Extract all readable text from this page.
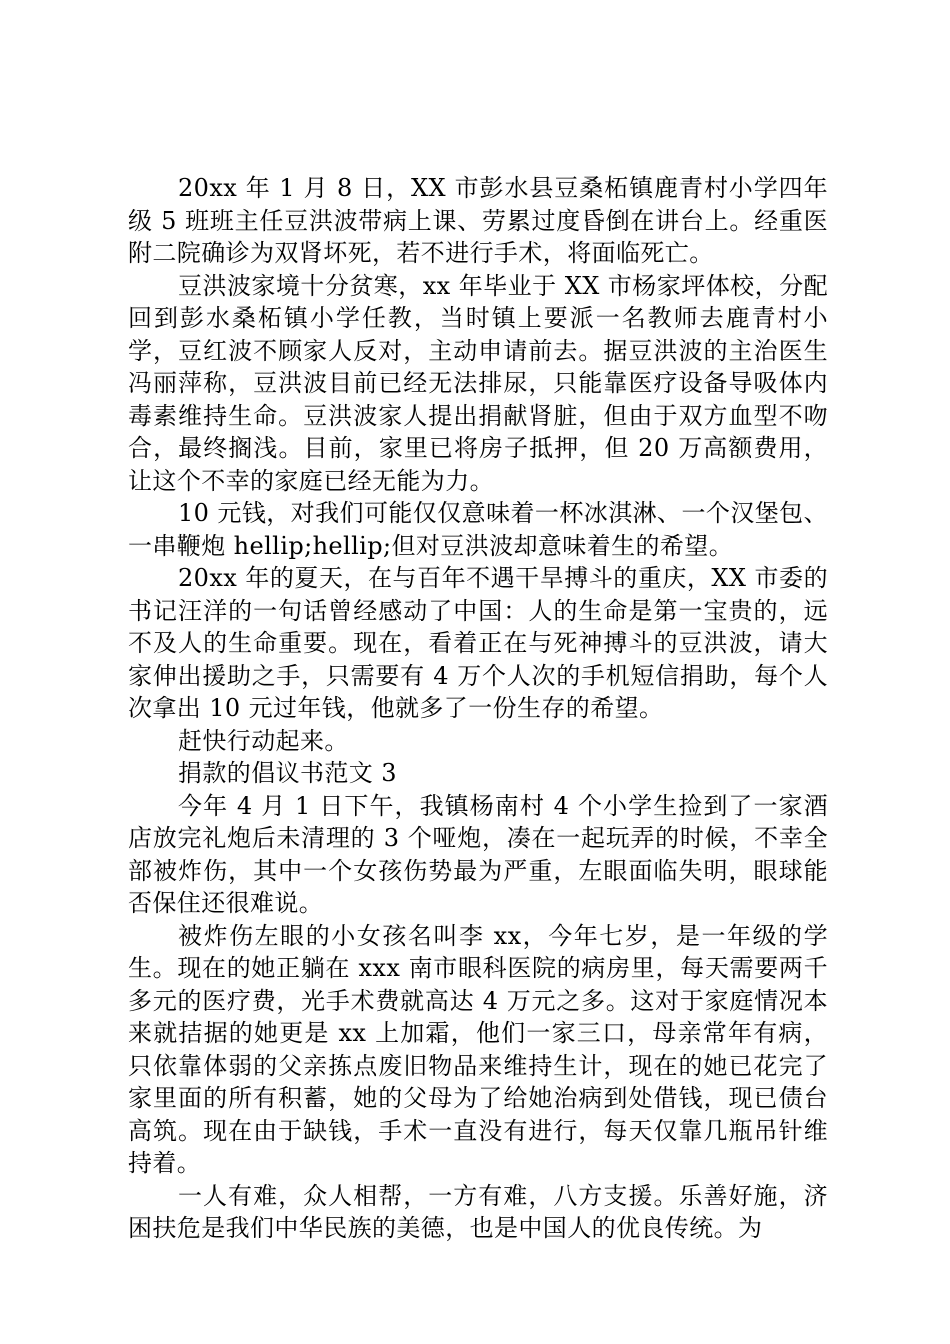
20xx 年 1 月 8 日，XX 市彭水县豆桑柘镇鹿青村小学四年级 5 班班主任豆洪波带病上课、劳累过度昏倒在讲台上。经重医附二院确诊为双肾坏死，若不进行手术，将面临死亡。

豆洪波家境十分贫寒，xx 年毕业于 XX 市杨家坪体校，分配回到彭水桑柘镇小学任教，当时镇上要派一名教师去鹿青村小学，豆红波不顾家人反对，主动申请前去。据豆洪波的主治医生冯丽萍称，豆洪波目前已经无法排尿，只能靠医疗设备导吸体内毒素维持生命。豆洪波家人提出捐献肾脏，但由于双方血型不吻合，最终搁浅。目前，家里已将房子抵押，但 20 万高额费用，让这个不幸的家庭已经无能为力。

10 元钱，对我们可能仅仅意味着一杯冰淇淋、一个汉堡包、一串鞭炮 hellip;hellip;但对豆洪波却意味着生的希望。

20xx 年的夏天，在与百年不遇干旱搏斗的重庆，XX 市委的书记汪洋的一句话曾经感动了中国：人的生命是第一宝贵的，远不及人的生命重要。现在，看着正在与死神搏斗的豆洪波，请大家伸出援助之手，只需要有 4 万个人次的手机短信捐助，每个人次拿出 10 元过年钱，他就多了一份生存的希望。

赶快行动起来。

捐款的倡议书范文 3

今年 4 月 1 日下午，我镇杨南村 4 个小学生捡到了一家酒店放完礼炮后未清理的 3 个哑炮，凑在一起玩弄的时候，不幸全部被炸伤，其中一个女孩伤势最为严重，左眼面临失明，眼球能否保住还很难说。

被炸伤左眼的小女孩名叫李 xx，今年七岁，是一年级的学生。现在的她正躺在 xxx 南市眼科医院的病房里，每天需要两千多元的医疗费，光手术费就高达 4 万元之多。这对于家庭情况本来就拮据的她更是 xx 上加霜，他们一家三口，母亲常年有病，只依靠体弱的父亲拣点废旧物品来维持生计，现在的她已花完了家里面的所有积蓄，她的父母为了给她治病到处借钱，现已债台高筑。现在由于缺钱，手术一直没有进行，每天仅靠几瓶吊针维持着。

一人有难，众人相帮，一方有难，八方支援。乐善好施，济困扶危是我们中华民族的美德，也是中国人的优良传统。为
